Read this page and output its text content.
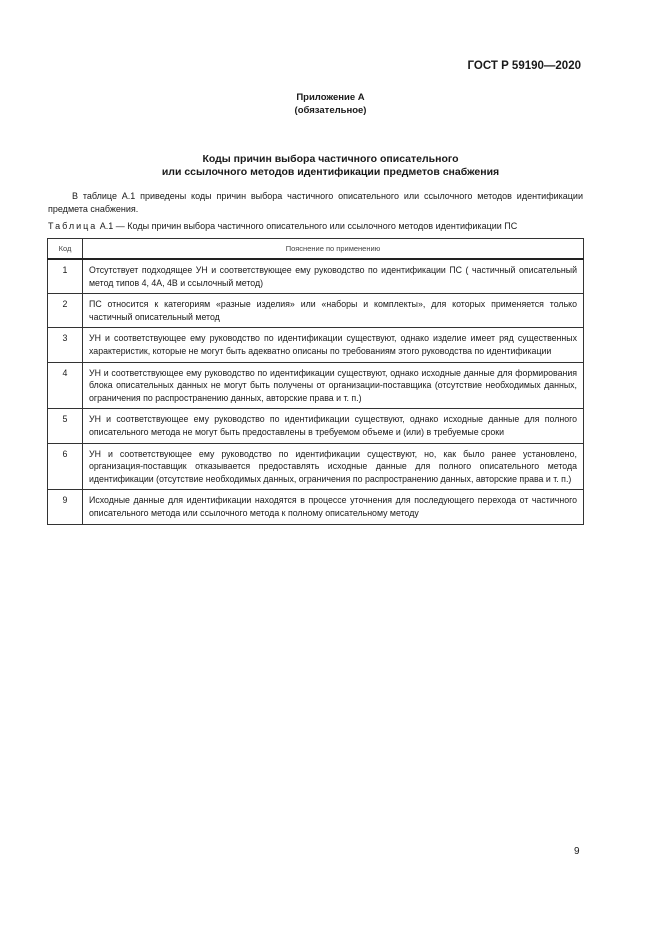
ГОСТ Р 59190—2020
Приложение А
(обязательное)
Коды причин выбора частичного описательного
или ссылочного методов идентификации предметов снабжения
В таблице А.1 приведены коды причин выбора частичного описательного или ссылочного методов идентификации предмета снабжения.
Таблица А.1 — Коды причин выбора частичного описательного или ссылочного методов идентификации ПС
Код	Пояснение по применению
1	Отсутствует подходящее УН и соответствующее ему руководство по идентификации ПС ( частичный описательный метод типов 4, 4А, 4В и ссылочный метод)
2	ПС относится к категориям «разные изделия» или «наборы и комплекты», для которых применяется только частичный описательный метод
3	УН и соответствующее ему руководство по идентификации существуют, однако изделие имеет ряд существенных характеристик, которые не могут быть адекватно описаны по требованиям этого руководства по идентификации
4	УН и соответствующее ему руководство по идентификации существуют, однако исходные данные для формирования блока описательных данных не могут быть получены от организации-поставщика (отсутствие необходимых данных, ограничения по распространению данных, авторские права и т. п.)
5	УН и соответствующее ему руководство по идентификации существуют, однако исходные данные для полного описательного метода не могут быть предоставлены в требуемом объеме и (или) в требуемые сроки
6	УН и соответствующее ему руководство по идентификации существуют, но, как было ранее установлено, организация-поставщик отказывается предоставлять исходные данные для полного описательного метода идентификации (отсутствие необходимых данных, ограничения по распространению данных, авторские права и т. п.)
9	Исходные данные для идентификации находятся в процессе уточнения для последующего перехода от частичного описательного метода или ссылочного метода к полному описательному методу
9
